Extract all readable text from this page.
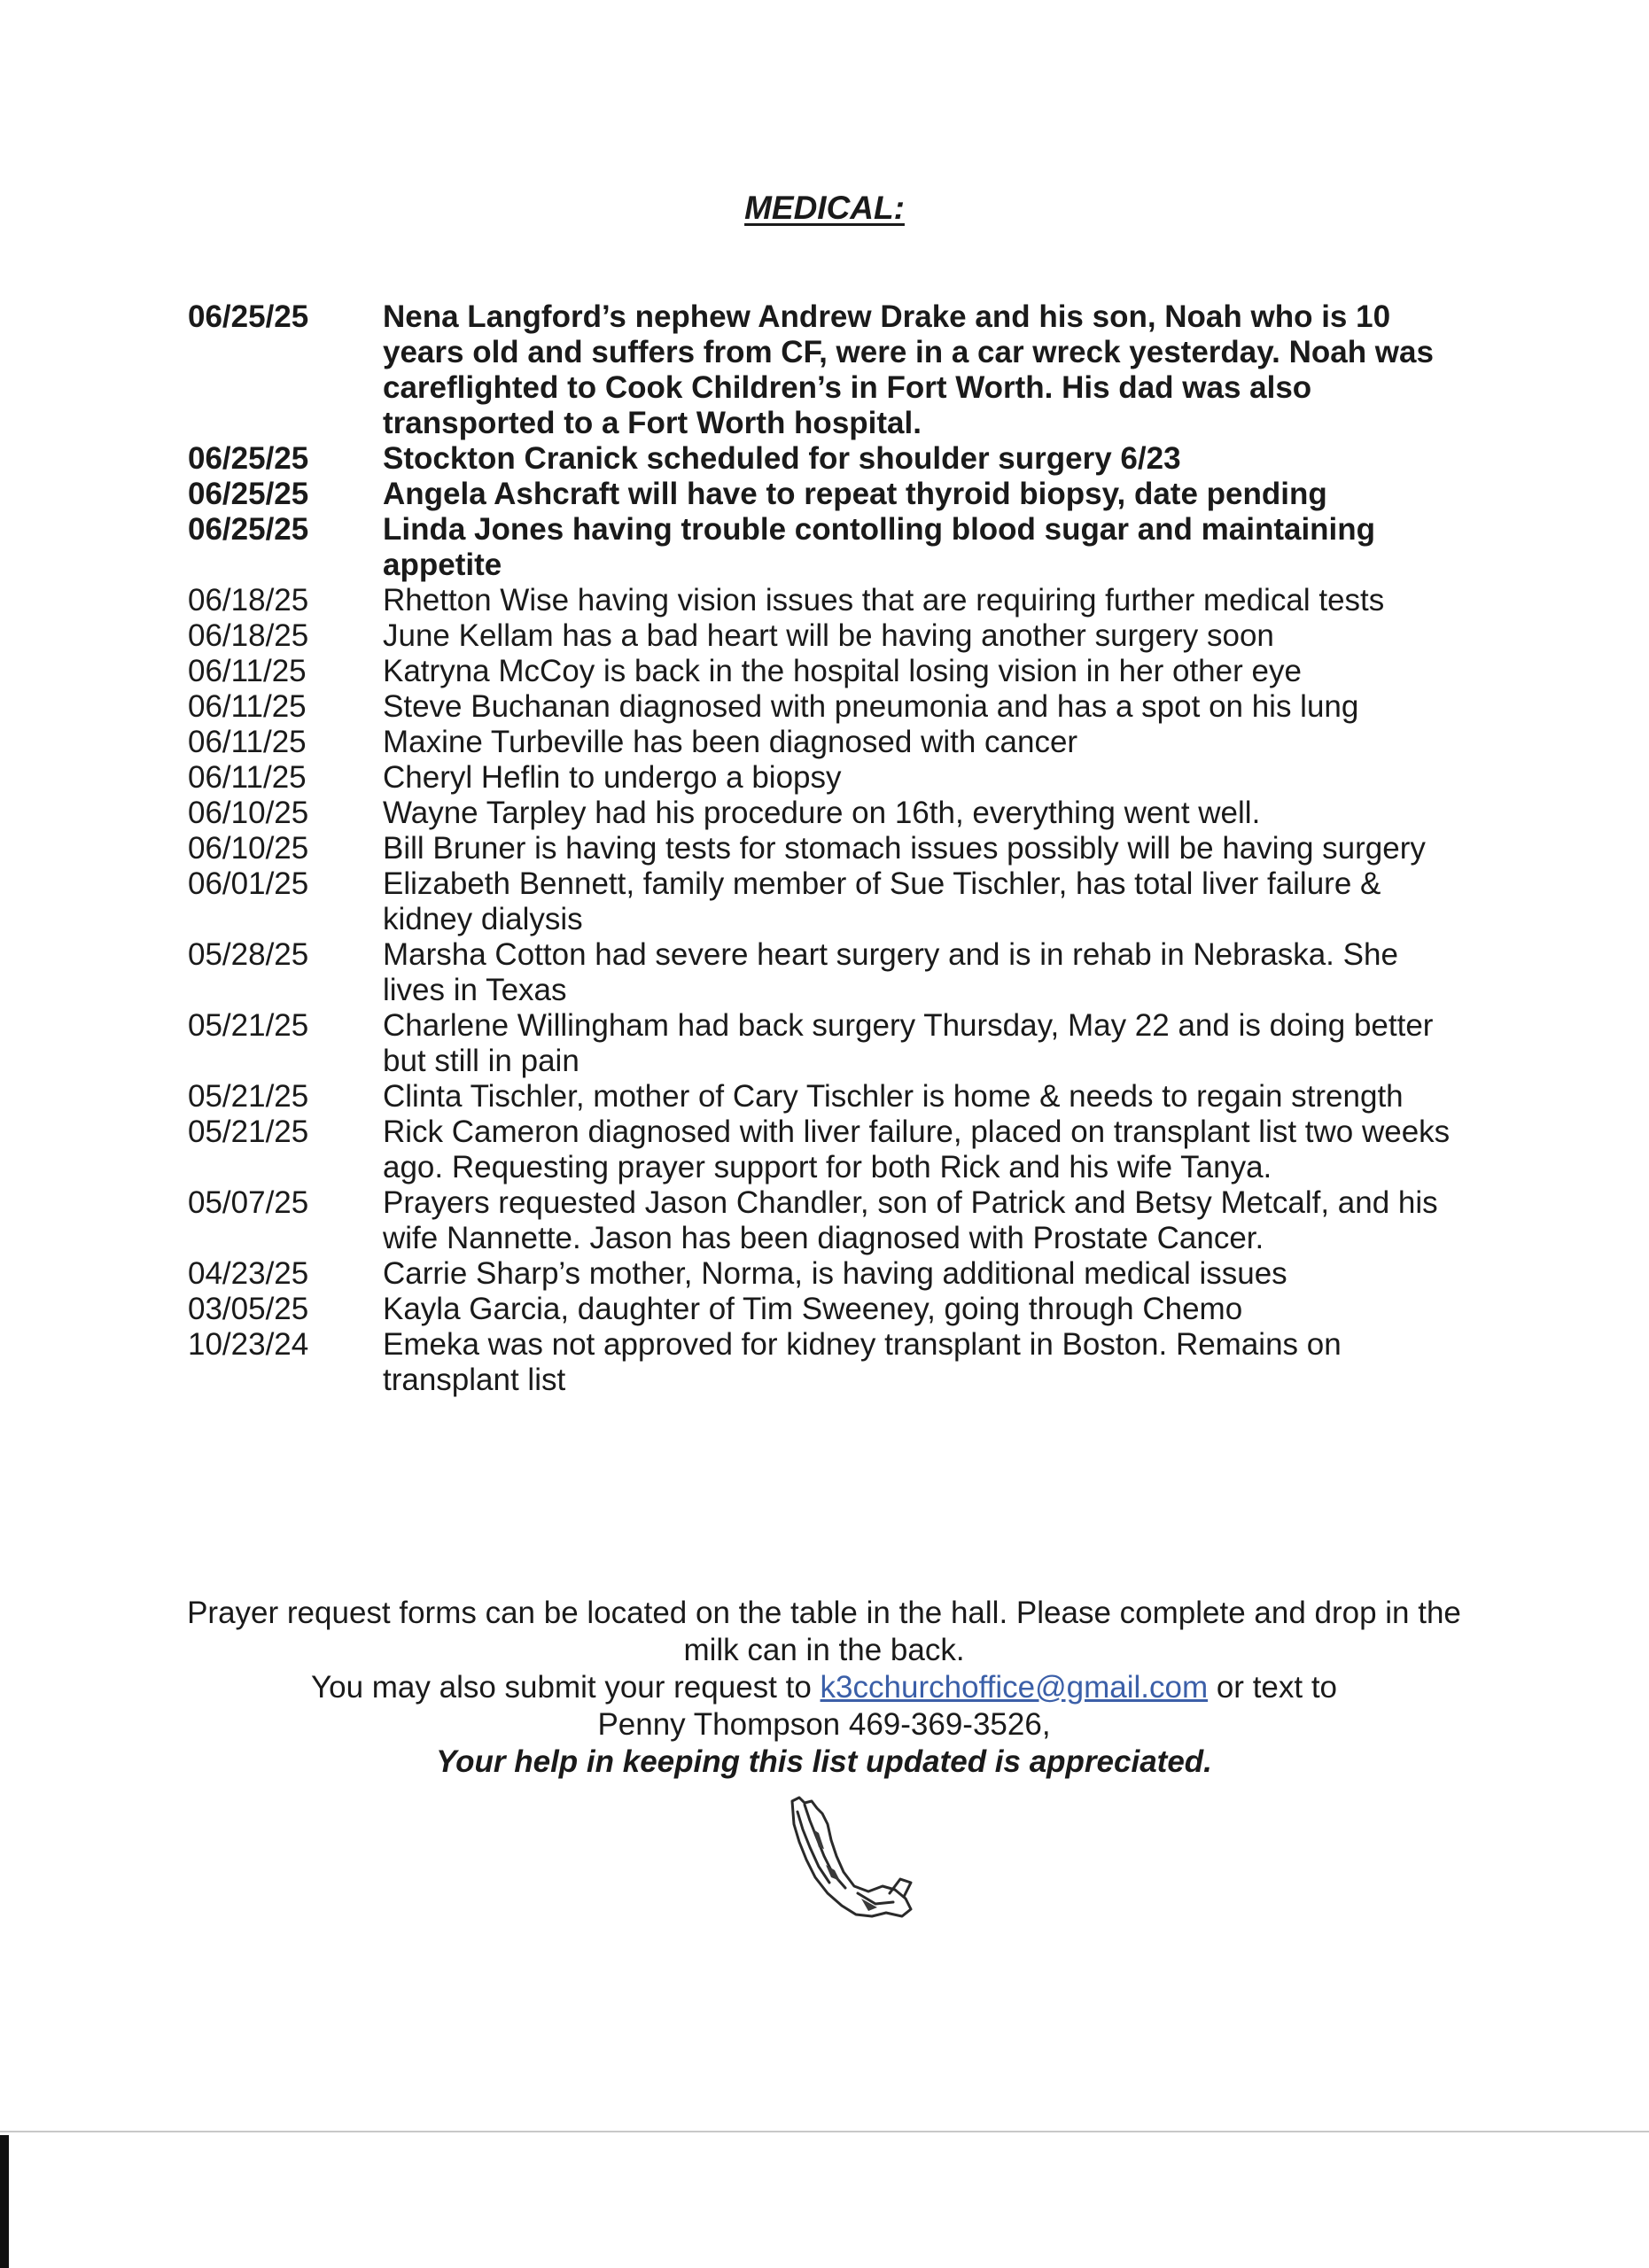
MEDICAL:
06/25/25	Nena Langford’s nephew Andrew Drake and his son, Noah who is 10 years old and suffers from CF, were in a car wreck yesterday. Noah was careflighted to Cook Children’s in Fort Worth. His dad was also transported to a Fort Worth hospital.
06/25/25	Stockton Cranick scheduled for shoulder surgery 6/23
06/25/25	Angela Ashcraft will have to repeat thyroid biopsy, date pending
06/25/25	Linda Jones having trouble contolling blood sugar and maintaining appetite
06/18/25	Rhetton Wise having vision issues that are requiring further medical tests
06/18/25	June Kellam has a bad heart will be having another surgery soon
06/11/25	Katryna McCoy is back in the hospital losing vision in her other eye
06/11/25	Steve Buchanan diagnosed with pneumonia and has a spot on his lung
06/11/25	Maxine Turbeville has been diagnosed with cancer
06/11/25	Cheryl Heflin to undergo a biopsy
06/10/25	Wayne Tarpley had his procedure on 16th, everything went well.
06/10/25	Bill Bruner is having tests for stomach issues possibly will be having surgery
06/01/25	Elizabeth Bennett, family member of Sue Tischler, has total liver failure & kidney dialysis
05/28/25	Marsha Cotton had severe heart surgery and is in rehab in Nebraska. She lives in Texas
05/21/25	Charlene Willingham had back surgery Thursday, May 22 and is doing better but still in pain
05/21/25	Clinta Tischler, mother of Cary Tischler is home & needs to regain strength
05/21/25	Rick Cameron diagnosed with liver failure, placed on transplant list two weeks ago. Requesting prayer support for both Rick and his wife Tanya.
05/07/25	Prayers requested Jason Chandler, son of Patrick and Betsy Metcalf, and his wife Nannette. Jason has been diagnosed with Prostate Cancer.
04/23/25	Carrie Sharp’s mother, Norma, is having additional medical issues
03/05/25	Kayla Garcia, daughter of Tim Sweeney, going through Chemo
10/23/24	Emeka was not approved for kidney transplant in Boston. Remains on transplant list
Prayer request forms can be located on the table in the hall. Please complete and drop in the milk can in the back.
You may also submit your request to k3cchurchoffice@gmail.com or text to
Penny Thompson 469-369-3526,
Your help in keeping this list updated is appreciated.
